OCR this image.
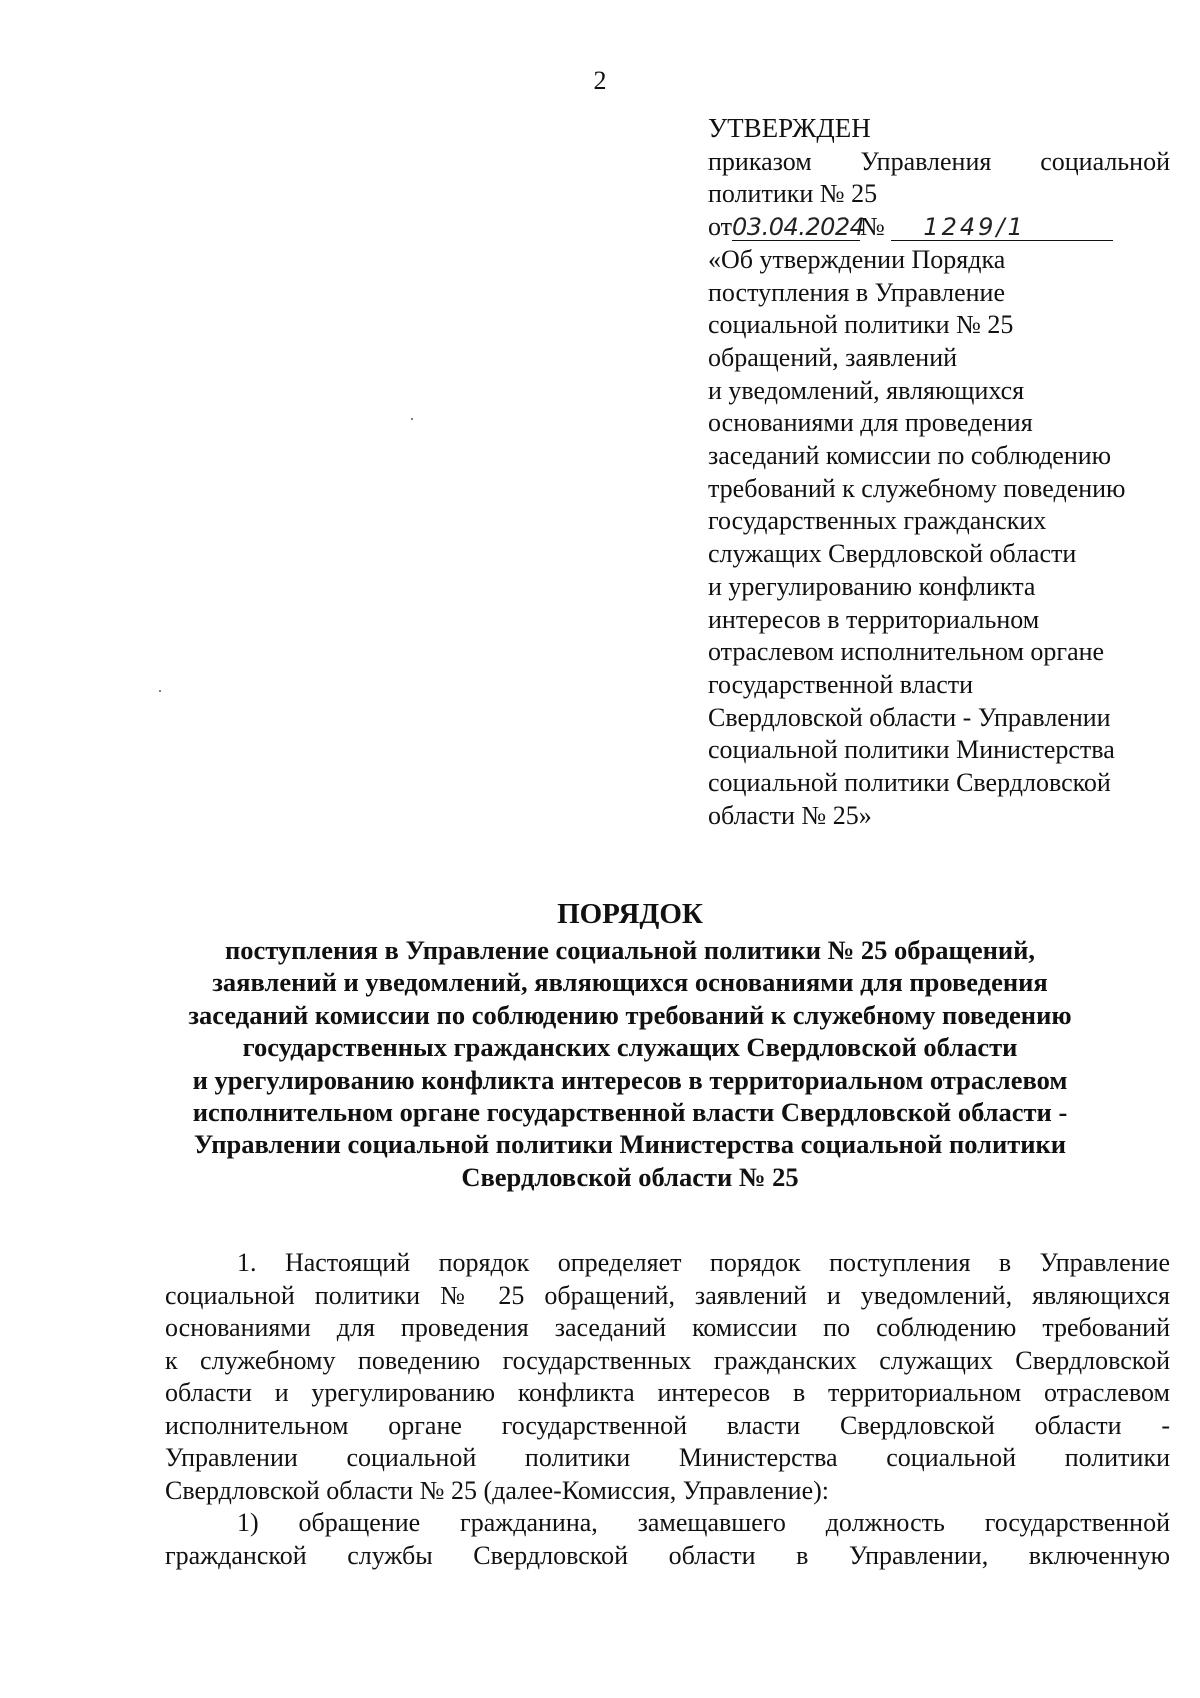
2
УТВЕРЖДЕН
приказом Управления социальной
политики № 25
от03.04.2024№ 1249/1
«Об утверждении Порядка
поступления в Управление
социальной политики № 25
обращений, заявлений
и уведомлений, являющихся
основаниями для проведения
заседаний комиссии по соблюдению
требований к служебному поведению
государственных гражданских
служащих Свердловской области
и урегулированию конфликта
интересов в территориальном
отраслевом исполнительном органе
государственной власти
Свердловской области - Управлении
социальной политики Министерства
социальной политики Свердловской
области № 25»
ПОРЯДОК
поступления в Управление социальной политики № 25 обращений,
заявлений и уведомлений, являющихся основаниями для проведения
заседаний комиссии по соблюдению требований к служебному поведению
государственных гражданских служащих Свердловской области
и урегулированию конфликта интересов в территориальном отраслевом
исполнительном органе государственной власти Свердловской области -
Управлении социальной политики Министерства социальной политики
Свердловской области № 25
1. Настоящий порядок определяет порядок поступления в Управление
социальной политики № 25 обращений, заявлений и уведомлений, являющихся
основаниями для проведения заседаний комиссии по соблюдению требований
к служебному поведению государственных гражданских служащих Свердловской
области и урегулированию конфликта интересов в территориальном отраслевом
исполнительном органе государственной власти Свердловской области -
Управлении социальной политики Министерства социальной политики
Свердловской области № 25 (далее-Комиссия, Управление):
1) обращение гражданина, замещавшего должность государственной
гражданской службы Свердловской области в Управлении, включенную
